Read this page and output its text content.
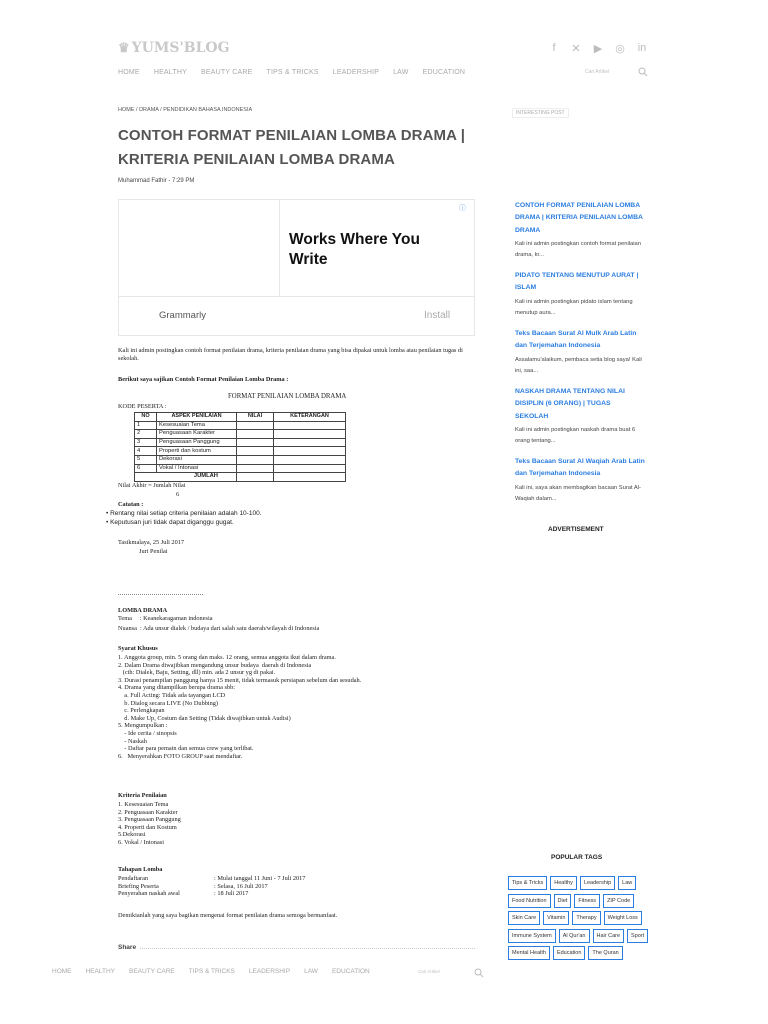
♛ YUMS'BLOG	f	✕ ▶ ◎ in
HOME HEALTHY BEAUTY CARE TIPS & TRICKS LEADERSHIP LAW EDUCATION	Cari Artikel
HOME / DRAMA / PENDIDIKAN BAHASA INDONESIA	INTERESTING POST
CONTOH FORMAT PENILAIAN LOMBA DRAMA | KRITERIA PENILAIAN LOMBA DRAMA
Muhammad Fathir - 7:29 PM
ⓘ
Works Where You Write
Grammarly	Install
Kali ini admin postingkan contoh format penilaian drama, kriteria penilaian drama yang bisa dipakai untuk lomba atau penilaian tugas di sekolah.
Berikut saya sajikan Contoh Format Penilaian Lomba Drama :
FORMAT PENILAIAN LOMBA DRAMA
KODE PESERTA :
NO	ASPEK PENILAIAN	NILAI	KETERANGAN
1	Kesesuaian Tema		
2	Penguasaan Karakter		
3	Penguasaan Panggung		
4	Properti dan kostum		
5	Dekorasi		
6	Vokal / Intonasi		
JUMLAH			
Nilai Akhir = Jumlah Nilai
6
Catatan :
• Rentang nilai setiap criteria penilaian adalah 10-100.
• Keputusan juri tidak dapat diganggu gugat.
Tasikmalaya, 25 Juli 2017
Juri Penilai
LOMBA DRAMA
Tema     : Keanekaragaman indonesia
Nuansa  : Ada unsur dialek / budaya dari salah satu daerah/wilayah di Indonesia
Syarat Khusus
1. Anggota group, min. 5 orang dan maks. 12 orang, semua anggota ikut dalam drama.
2. Dalam Drama diwajibkan mengandung unsur budaya  daerah di Indonesia
(cth: Dialek, Baju, Setting, dll) min. ada 2 unsur yg di pakai.
3. Durasi penampilan panggung hanya 15 menit, tidak termasuk persiapan sebelum dan sesudah.
4. Drama yang ditampilkan berupa drama sbb:
a. Full Acting: Tidak ada tayangan LCD
b. Dialog secara LIVE (No Dubbing)
c. Perlengkapan
d. Make Up, Costum dan Setting (Tidak diwajibkan untuk Audisi)
5. Mengumpulkan :
- Ide cerita / sinopsis
- Naskah
- Daftar para pemain dan semua crew yang terlibat.
6.   Menyerahkan FOTO GROUP saat mendaftar.
Kriteria Penilaian
1. Kesesuaian Tema
2. Penguasaan Karakter
3. Penguasaan Panggung
4. Properti dan Kostum
5.Dekorasi
6. Vokal / Intonasi
Tahapan Lomba
Pendaftaran	: Mulai tanggal 11 Juni - 7 Juli 2017
Briefing Peserta	: Selasa, 16 Juli 2017
Penyerahan naskah awal	: 18 Juli 2017
Demikianlah yang saya bagikan mengenai format penilaian drama semoga bermanfaat.
Share
HOME HEALTHY BEAUTY CARE TIPS & TRICKS LEADERSHIP LAW EDUCATION	Cari Artikel
CONTOH FORMAT PENILAIAN LOMBA DRAMA | KRITERIA PENILAIAN LOMBA DRAMA
Kali ini admin postingkan contoh format penilaian drama, kr...
PIDATO TENTANG MENUTUP AURAT | ISLAM
Kali ini admin postingkan pidato islam tentang menutup aura...
Teks Bacaan Surat Al Mulk Arab Latin dan Terjemahan Indonesia
Assalamu'alaikum, pembaca setia blog saya! Kali ini, saa...
NASKAH DRAMA TENTANG NILAI DISIPLIN (6 ORANG) | TUGAS SEKOLAH
Kali ini admin postingkan naskah drama buat 6 orang tentang...
Teks Bacaan Surat Al Waqiah Arab Latin dan Terjemahan Indonesia
Kali ini, saya akan membagikan bacaan Surat Al-Waqiah dalam...
ADVERTISEMENT
POPULAR TAGS
Tips & Tricks	Healthy	Leadership	Law
Food Nutrition	Diet	Fitness	ZIP Code
Skin Care	Vitamin	Therapy	Weight Loss
Immune System	Al Qur'an	Hair Care	Sport
Mental Health	Education	The Quran
